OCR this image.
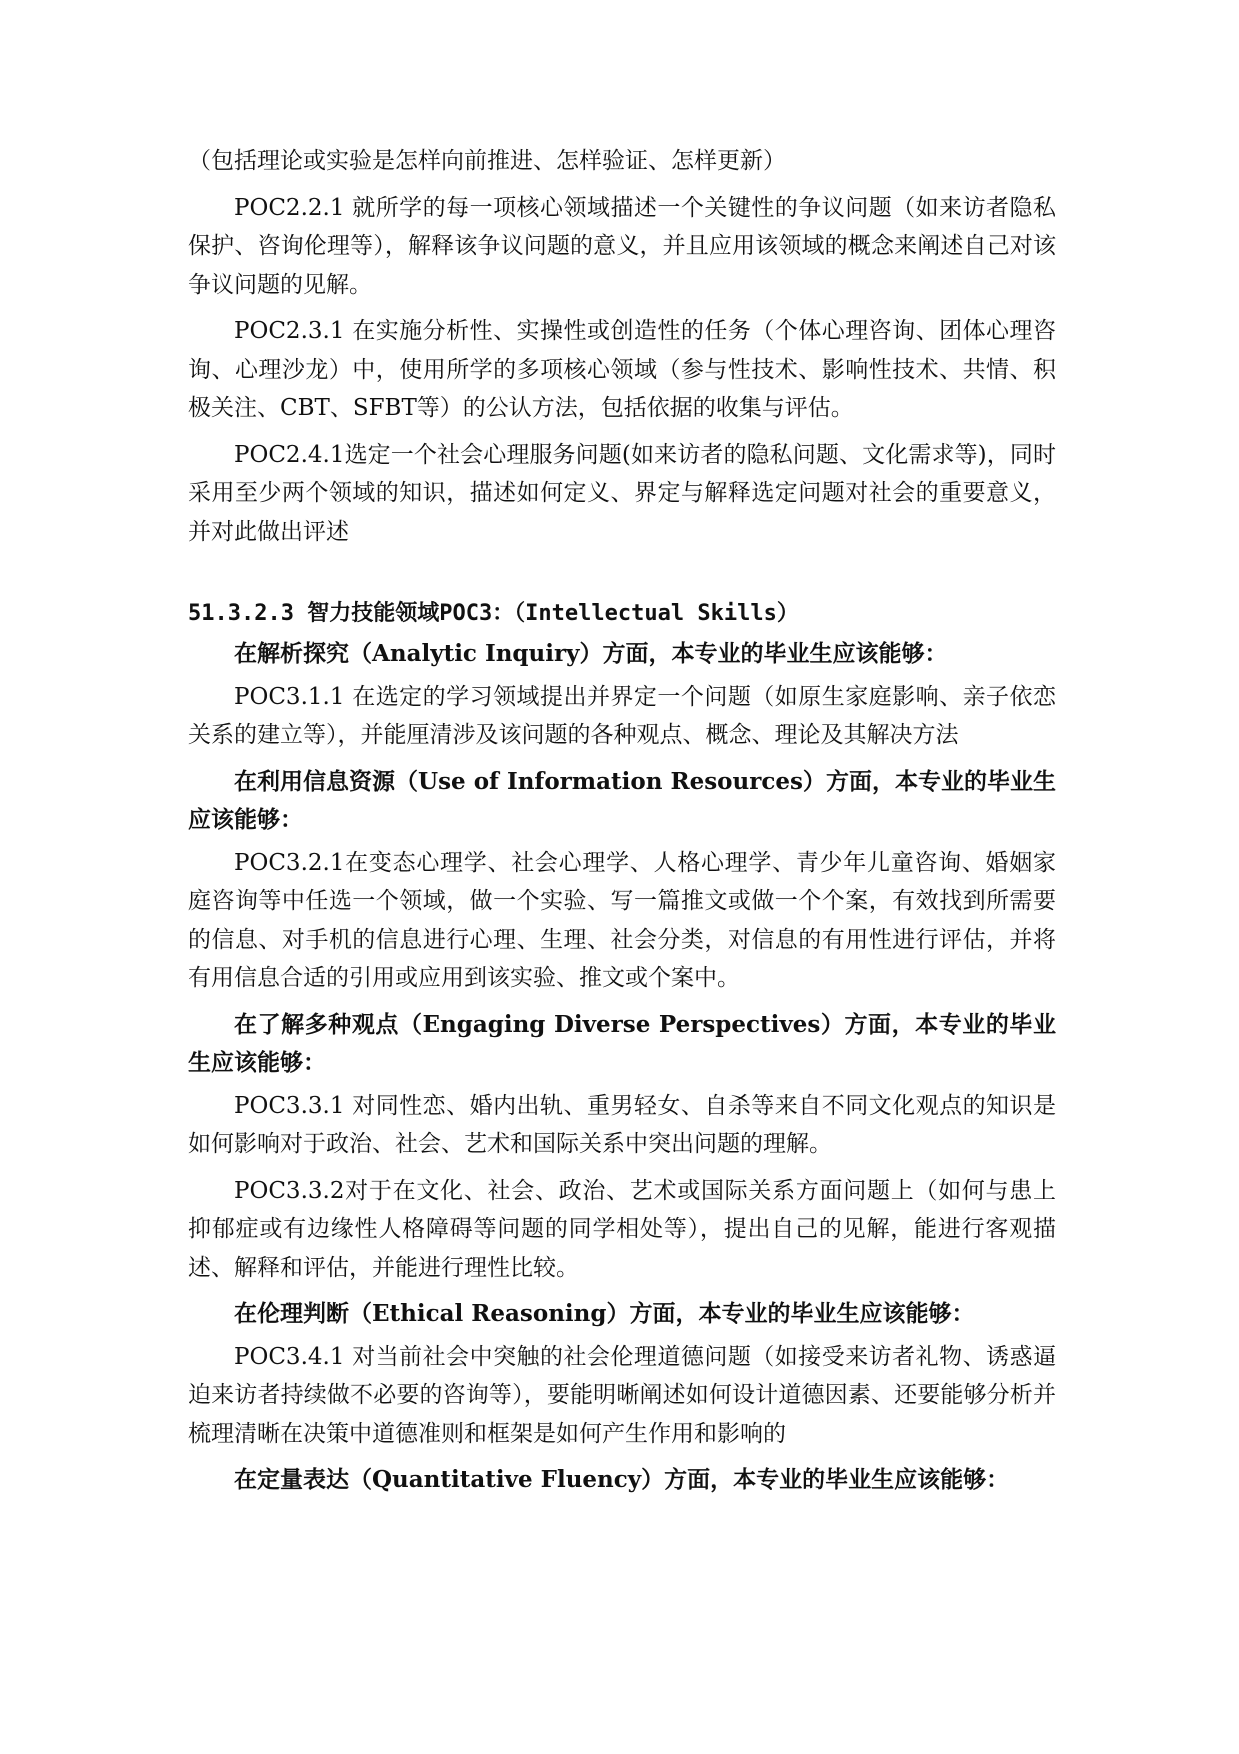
（包括理论或实验是怎样向前推进、怎样验证、怎样更新）

POC2.2.1 就所学的每一项核心领域描述一个关键性的争议问题（如来访者隐私保护、咨询伦理等），解释该争议问题的意义，并且应用该领域的概念来阐述自己对该争议问题的见解。

POC2.3.1 在实施分析性、实操性或创造性的任务（个体心理咨询、团体心理咨询、心理沙龙）中，使用所学的多项核心领域（参与性技术、影响性技术、共情、积极关注、CBT、SFBT等）的公认方法，包括依据的收集与评估。

POC2.4.1选定一个社会心理服务问题(如来访者的隐私问题、文化需求等)，同时采用至少两个领域的知识，描述如何定义、界定与解释选定问题对社会的重要意义，并对此做出评述

51.3.2.3 智力技能领域POC3：（Intellectual Skills）

在解析探究（Analytic Inquiry）方面，本专业的毕业生应该能够：

POC3.1.1 在选定的学习领域提出并界定一个问题（如原生家庭影响、亲子依恋关系的建立等），并能厘清涉及该问题的各种观点、概念、理论及其解决方法

在利用信息资源（Use of Information Resources）方面，本专业的毕业生应该能够：

POC3.2.1在变态心理学、社会心理学、人格心理学、青少年儿童咨询、婚姻家庭咨询等中任选一个领域，做一个实验、写一篇推文或做一个个案，有效找到所需要的信息、对手机的信息进行心理、生理、社会分类，对信息的有用性进行评估，并将有用信息合适的引用或应用到该实验、推文或个案中。

在了解多种观点（Engaging Diverse Perspectives）方面，本专业的毕业生应该能够：

POC3.3.1 对同性恋、婚内出轨、重男轻女、自杀等来自不同文化观点的知识是如何影响对于政治、社会、艺术和国际关系中突出问题的理解。

POC3.3.2对于在文化、社会、政治、艺术或国际关系方面问题上（如何与患上抑郁症或有边缘性人格障碍等问题的同学相处等），提出自己的见解，能进行客观描述、解释和评估，并能进行理性比较。

在伦理判断（Ethical Reasoning）方面，本专业的毕业生应该能够：

POC3.4.1 对当前社会中突触的社会伦理道德问题（如接受来访者礼物、诱惑逼迫来访者持续做不必要的咨询等），要能明晰阐述如何设计道德因素、还要能够分析并梳理清晰在决策中道德准则和框架是如何产生作用和影响的

在定量表达（Quantitative Fluency）方面，本专业的毕业生应该能够：
